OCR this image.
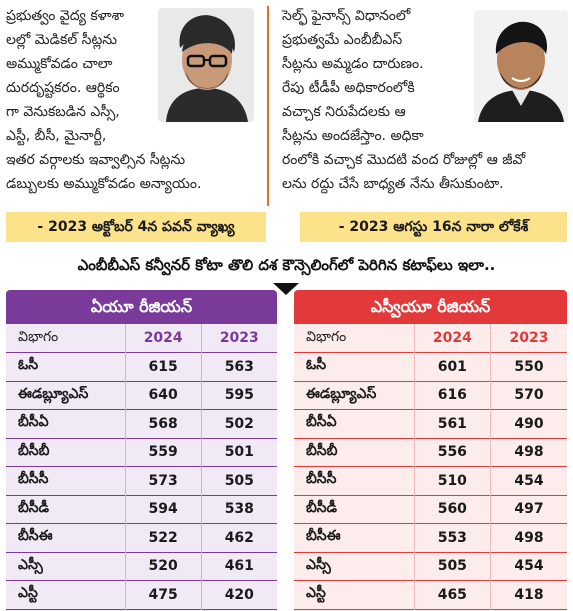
ప్రభుత్వం వైద్య కళాశా
లల్లో మెడికల్ సీట్లను
అమ్ముకోవడం చాలా
దురదృష్టకరం. ఆర్థికం
గా వెనుకబడిన ఎస్సీ,
ఎస్టీ, బీసీ, మైనార్టీ,
ఇతర వర్గాలకు ఇవ్వాల్సిన సీట్లను
డబ్బులకు అమ్ముకోవడం అన్యాయం.
సెల్ఫ్ ఫైనాన్స్ విధానంలో
ప్రభుత్వమే ఎంబీబీఎస్
సీట్లను అమ్మడం దారుణం.
రేపు టీడీపీ అధికారంలోకి
వచ్చాక నిరుపేదలకు ఆ
సీట్లను అందజేస్తాం. అధికా
రంలోకి వచ్చాక మొదటి వంద రోజుల్లో ఆ జీవో
లను రద్దు చేసే బాధ్యత నేను తీసుకుంటా.
- 2023 అక్టోబర్ 4న పవన్ వ్యాఖ్య	- 2023 ఆగస్టు 16న నారా లోకేశ్
ఎంబీబీఎస్ కన్వీనర్ కోటా తొలి దశ కౌన్సెలింగ్‌లో పెరిగిన కటాఫ్‌లు ఇలా..
ఏయూ రీజియన్
విభాగం	2024	2023
ఓసీ	615	563
ఈడబ్ల్యూఎస్	640	595
బీసీఏ	568	502
బీసీబీ	559	501
బీసీసీ	573	505
బీసీడీ	594	538
బీసీఈ	522	462
ఎస్సీ	520	461
ఎస్టీ	475	420
ఎస్వీయూ రీజియన్
విభాగం	2024	2023
ఓసీ	601	550
ఈడబ్ల్యూఎస్	616	570
బీసీఏ	561	490
బీసీబీ	556	498
బీసీసీ	510	454
బీసీడీ	560	497
బీసీఈ	553	498
ఎస్సీ	505	454
ఎస్టీ	465	418
